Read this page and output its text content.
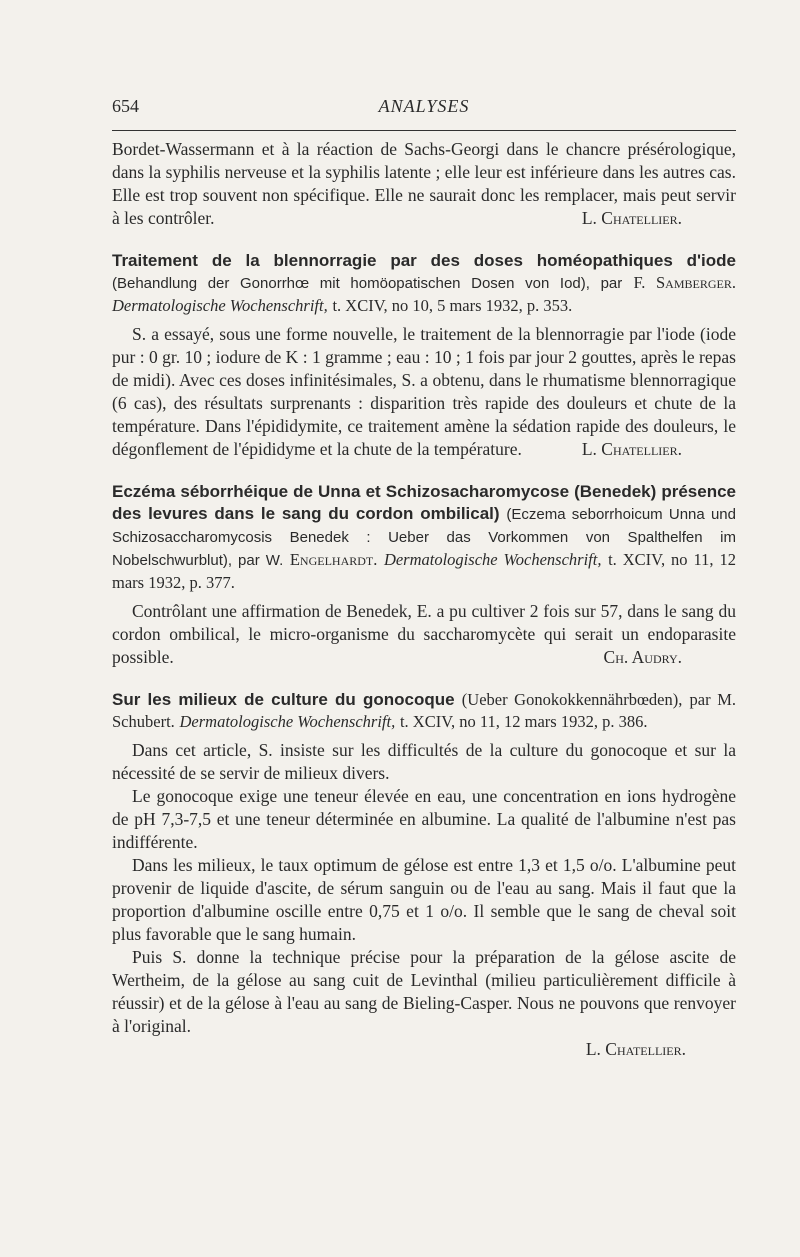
654	ANALYSES

Bordet-Wassermann et à la réaction de Sachs-Georgi dans le chancre présérologique, dans la syphilis nerveuse et la syphilis latente ; elle leur est inférieure dans les autres cas. Elle est trop souvent non spécifique. Elle ne saurait donc les remplacer, mais peut servir à les contrôler.	L. Chatellier.

Traitement de la blennorragie par des doses homéopathiques d'iode (Behandlung der Gonorrhœ mit homöopatischen Dosen von Iod), par F. Samberger. Dermatologische Wochenschrift, t. XCIV, no 10, 5 mars 1932, p. 353.

S. a essayé, sous une forme nouvelle, le traitement de la blennorragie par l'iode (iode pur : 0 gr. 10 ; iodure de K : 1 gramme ; eau : 10 ; 1 fois par jour 2 gouttes, après le repas de midi). Avec ces doses infinitésimales, S. a obtenu, dans le rhumatisme blennorragique (6 cas), des résultats surprenants : disparition très rapide des douleurs et chute de la température. Dans l'épididymite, ce traitement amène la sédation rapide des douleurs, le dégonflement de l'épididyme et la chute de la température.	L. Chatellier.

Eczéma séborrhéique de Unna et Schizosacharomycose (Benedek) présence des levures dans le sang du cordon ombilical) (Eczema seborrhoicum Unna und Schizosaccharomycosis Benedek : Ueber das Vorkommen von Spalthelfen im Nobelschwurblut), par W. Engelhardt. Dermatologische Wochenschrift, t. XCIV, no 11, 12 mars 1932, p. 377.

Contrôlant une affirmation de Benedek, E. a pu cultiver 2 fois sur 57, dans le sang du cordon ombilical, le micro-organisme du saccharomycète qui serait un endoparasite possible.	Ch. Audry.

Sur les milieux de culture du gonocoque (Ueber Gonokokkennährbœden), par M. Schubert. Dermatologische Wochenschrift, t. XCIV, no 11, 12 mars 1932, p. 386.

Dans cet article, S. insiste sur les difficultés de la culture du gonocoque et sur la nécessité de se servir de milieux divers.

Le gonocoque exige une teneur élevée en eau, une concentration en ions hydrogène de pH 7,3-7,5 et une teneur déterminée en albumine. La qualité de l'albumine n'est pas indifférente.

Dans les milieux, le taux optimum de gélose est entre 1,3 et 1,5 o/o. L'albumine peut provenir de liquide d'ascite, de sérum sanguin ou de l'eau au sang. Mais il faut que la proportion d'albumine oscille entre 0,75 et 1 o/o. Il semble que le sang de cheval soit plus favorable que le sang humain.

Puis S. donne la technique précise pour la préparation de la gélose ascite de Wertheim, de la gélose au sang cuit de Levinthal (milieu particulièrement difficile à réussir) et de la gélose à l'eau au sang de Bieling-Casper. Nous ne pouvons que renvoyer à l'original.

L. Chatellier.
